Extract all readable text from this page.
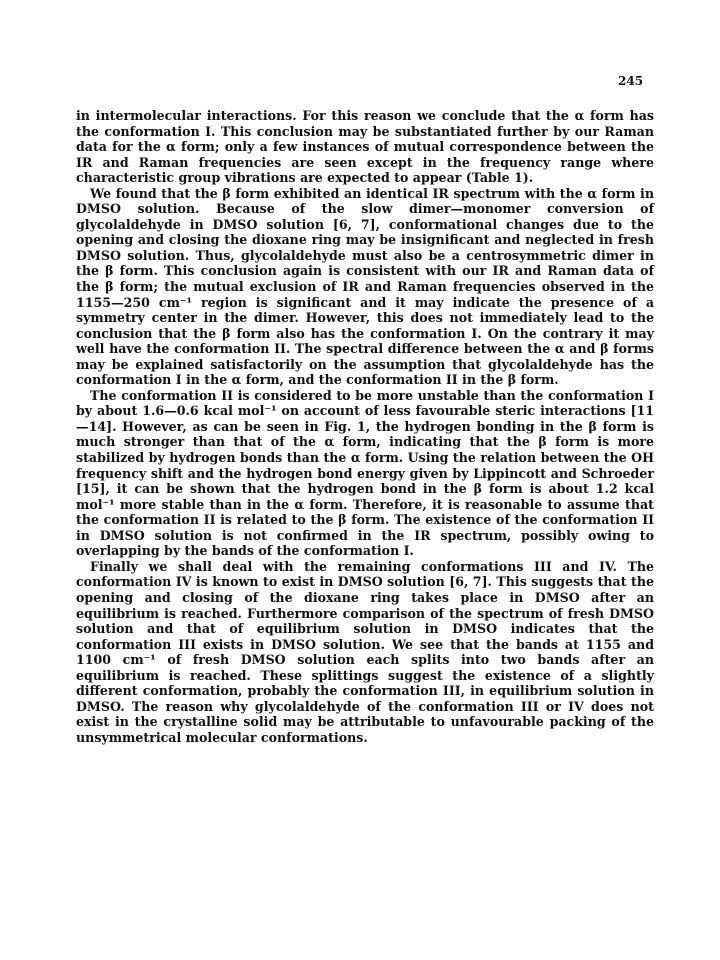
245

in intermolecular interactions. For this reason we conclude that the α form has the conformation I. This conclusion may be substantiated further by our Raman data for the α form; only a few instances of mutual correspondence between the IR and Raman frequencies are seen except in the frequency range where characteristic group vibrations are expected to appear (Table 1).

We found that the β form exhibited an identical IR spectrum with the α form in DMSO solution. Because of the slow dimer—monomer conversion of glycolaldehyde in DMSO solution [6, 7], conformational changes due to the opening and closing the dioxane ring may be insignificant and neglected in fresh DMSO solution. Thus, glycolaldehyde must also be a centrosymmetric dimer in the β form. This conclusion again is consistent with our IR and Raman data of the β form; the mutual exclusion of IR and Raman frequencies observed in the 1155—250 cm⁻¹ region is significant and it may indicate the presence of a symmetry center in the dimer. However, this does not immediately lead to the conclusion that the β form also has the conformation I. On the contrary it may well have the conformation II. The spectral difference between the α and β forms may be explained satisfactorily on the assumption that glycolaldehyde has the conformation I in the α form, and the conformation II in the β form.

The conformation II is considered to be more unstable than the conformation I by about 1.6—0.6 kcal mol⁻¹ on account of less favourable steric interactions [11—14]. However, as can be seen in Fig. 1, the hydrogen bonding in the β form is much stronger than that of the α form, indicating that the β form is more stabilized by hydrogen bonds than the α form. Using the relation between the OH frequency shift and the hydrogen bond energy given by Lippincott and Schroeder [15], it can be shown that the hydrogen bond in the β form is about 1.2 kcal mol⁻¹ more stable than in the α form. Therefore, it is reasonable to assume that the conformation II is related to the β form. The existence of the conformation II in DMSO solution is not confirmed in the IR spectrum, possibly owing to overlapping by the bands of the conformation I.

Finally we shall deal with the remaining conformations III and IV. The conformation IV is known to exist in DMSO solution [6, 7]. This suggests that the opening and closing of the dioxane ring takes place in DMSO after an equilibrium is reached. Furthermore comparison of the spectrum of fresh DMSO solution and that of equilibrium solution in DMSO indicates that the conformation III exists in DMSO solution. We see that the bands at 1155 and 1100 cm⁻¹ of fresh DMSO solution each splits into two bands after an equilibrium is reached. These splittings suggest the existence of a slightly different conformation, probably the conformation III, in equilibrium solution in DMSO. The reason why glycolaldehyde of the conformation III or IV does not exist in the crystalline solid may be attributable to unfavourable packing of the unsymmetrical molecular conformations.
